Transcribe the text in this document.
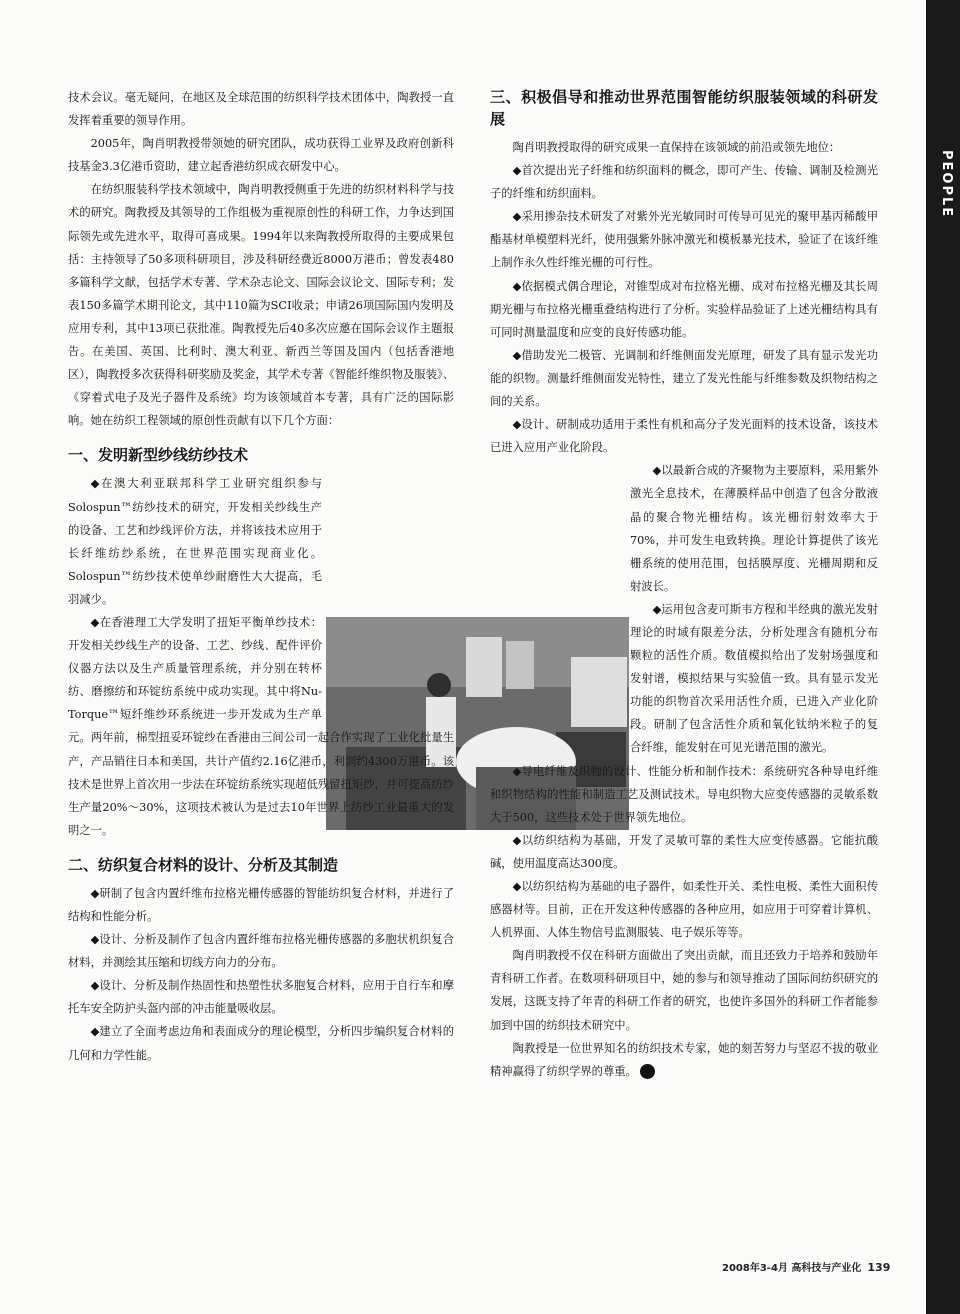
PEOPLE

技术会议。毫无疑问，在地区及全球范围的纺织科学技术团体中，陶教授一直发挥着重要的领导作用。

2005年，陶肖明教授带领她的研究团队，成功获得工业界及政府创新科技基金3.3亿港币资助，建立起香港纺织成衣研发中心。

在纺织服装科学技术领域中，陶肖明教授侧重于先进的纺织材料科学与技术的研究。陶教授及其领导的工作组极为重视原创性的科研工作，力争达到国际领先或先进水平，取得可喜成果。1994年以来陶教授所取得的主要成果包括：主持领导了50多项科研项目，涉及科研经费近8000万港币；曾发表480多篇科学文献，包括学术专著、学术杂志论文、国际会议论文、国际专利；发表150多篇学术期刊论文，其中110篇为SCI收录；申请26项国际国内发明及应用专利，其中13项已获批准。陶教授先后40多次应邀在国际会议作主题报告。在美国、英国、比利时、澳大利亚、新西兰等国及国内（包括香港地区），陶教授多次获得科研奖励及奖金，其学术专著《智能纤维织物及服装》、《穿着式电子及光子器件及系统》均为该领域首本专著，具有广泛的国际影响。她在纺织工程领域的原创性贡献有以下几个方面：

一、发明新型纱线纺纱技术

◆在澳大利亚联邦科学工业研究组织参与Solospun™纺纱技术的研究，开发相关纱线生产的设备、工艺和纱线评价方法，并将该技术应用于长纤维纺纱系统，在世界范围实现商业化。Solospun™纺纱技术使单纱耐磨性大大提高，毛羽减少。

◆在香港理工大学发明了扭矩平衡单纱技术：开发相关纱线生产的设备、工艺、纱线、配件评价仪器方法以及生产质量管理系统，并分别在转杯纺、磨擦纺和环锭纺系统中成功实现。其中将Nu-Torque™短纤维纱环系统进一步开发成为生产单元。两年前，棉型扭妥环锭纱在香港由三间公司一起合作实现了工业化批量生产，产品销往日本和美国，共计产值约2.16亿港币，利润约4300万港币。该技术是世界上首次用一步法在环锭纺系统实现超低残留扭矩纱，并可提高纺纱生产量20%～30%，这项技术被认为是过去10年世界上纺纱工业最重大的发明之一。

二、纺织复合材料的设计、分析及其制造

◆研制了包含内置纤维布拉格光栅传感器的智能纺织复合材料，并进行了结构和性能分析。

◆设计、分析及制作了包含内置纤维布拉格光栅传感器的多胞状机织复合材料，并测绘其压缩和切线方向力的分布。

◆设计、分析及制作热固性和热塑性状多胞复合材料，应用于自行车和摩托车安全防护头盔内部的冲击能量吸收层。

◆建立了全面考虑边角和表面成分的理论模型，分析四步编织复合材料的几何和力学性能。

三、积极倡导和推动世界范围智能纺织服装领域的科研发展

陶肖明教授取得的研究成果一直保持在该领域的前沿或领先地位：

◆首次提出光子纤维和纺织面料的概念，即可产生、传输、调制及检测光子的纤维和纺织面料。

◆采用掺杂技术研发了对紫外光光敏同时可传导可见光的聚甲基丙稀酸甲酯基材单模塑料光纤，使用强紫外脉冲激光和模板暴光技术，验证了在该纤维上制作永久性纤维光栅的可行性。

◆依据模式偶合理论，对锥型成对布拉格光栅、成对布拉格光栅及其长周期光栅与布拉格光栅重叠结构进行了分析。实验样品验证了上述光栅结构具有可同时测量温度和应变的良好传感功能。

◆借助发光二极管、光调制和纤维侧面发光原理，研发了具有显示发光功能的织物。测量纤维侧面发光特性，建立了发光性能与纤维参数及织物结构之间的关系。

◆设计、研制成功适用于柔性有机和高分子发光面料的技术设备，该技术已进入应用产业化阶段。

◆以最新合成的齐聚物为主要原料，采用紫外激光全息技术，在薄膜样品中创造了包含分散液晶的聚合物光栅结构。该光栅衍射效率大于70%，并可发生电致转换。理论计算提供了该光栅系统的使用范围，包括膜厚度、光栅周期和反射波长。

◆运用包含麦可斯韦方程和半经典的激光发射理论的时域有限差分法，分析处理含有随机分布颗粒的活性介质。数值模拟给出了发射场强度和发射谱，模拟结果与实验值一致。具有显示发光功能的织物首次采用活性介质，已进入产业化阶段。研制了包含活性介质和氧化钛纳米粒子的复合纤维，能发射在可见光谱范围的激光。

◆导电纤维及织物的设计、性能分析和制作技术：系统研究各种导电纤维和织物结构的性能和制造工艺及测试技术。导电织物大应变传感器的灵敏系数大于500，这些技术处于世界领先地位。

◆以纺织结构为基础，开发了灵敏可靠的柔性大应变传感器。它能抗酸碱，使用温度高达300度。

◆以纺织结构为基础的电子器件，如柔性开关、柔性电极、柔性大面积传感器材等。目前，正在开发这种传感器的各种应用，如应用于可穿着计算机、人机界面、人体生物信号监测服装、电子娱乐等等。

陶肖明教授不仅在科研方面做出了突出贡献，而且还致力于培养和鼓励年青科研工作者。在数项科研项目中，她的参与和领导推动了国际间纺织研究的发展，这既支持了年青的科研工作者的研究，也使许多国外的科研工作者能参加到中国的纺织技术研究中。

陶教授是一位世界知名的纺织技术专家，她的刻苦努力与坚忍不拔的敬业精神赢得了纺织学界的尊重。	H

2008年3-4月 高科技与产业化 139
